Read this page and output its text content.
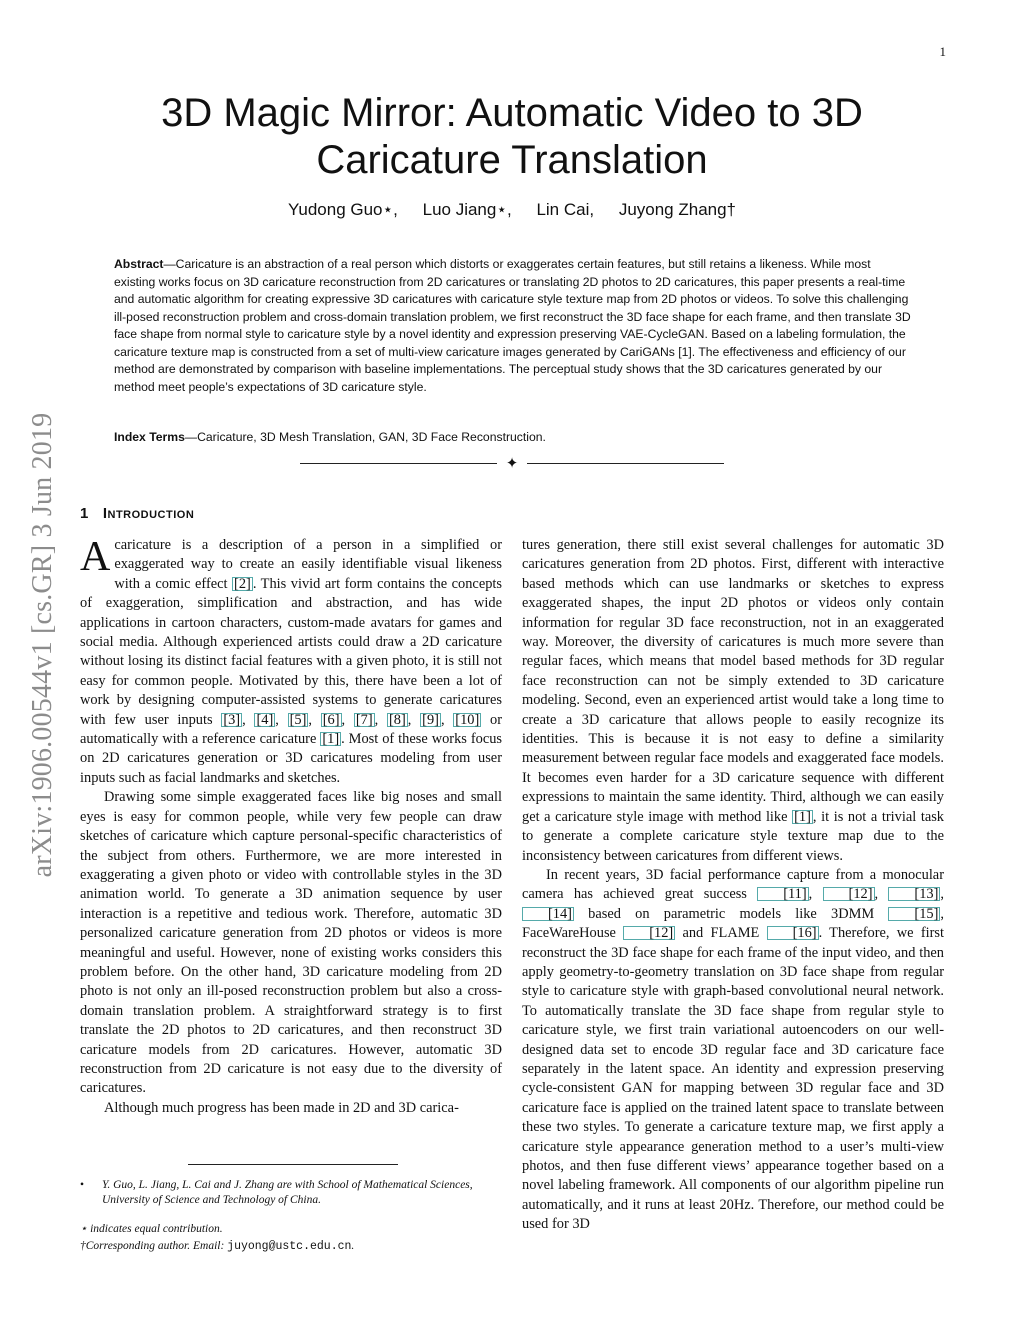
1
arXiv:1906.00544v1 [cs.GR] 3 Jun 2019
3D Magic Mirror: Automatic Video to 3D Caricature Translation
Yudong Guo⋆, Luo Jiang⋆, Lin Cai, Juyong Zhang†
Abstract—Caricature is an abstraction of a real person which distorts or exaggerates certain features, but still retains a likeness. While most existing works focus on 3D caricature reconstruction from 2D caricatures or translating 2D photos to 2D caricatures, this paper presents a real-time and automatic algorithm for creating expressive 3D caricatures with caricature style texture map from 2D photos or videos. To solve this challenging ill-posed reconstruction problem and cross-domain translation problem, we first reconstruct the 3D face shape for each frame, and then translate 3D face shape from normal style to caricature style by a novel identity and expression preserving VAE-CycleGAN. Based on a labeling formulation, the caricature texture map is constructed from a set of multi-view caricature images generated by CariGANs [1]. The effectiveness and efficiency of our method are demonstrated by comparison with baseline implementations. The perceptual study shows that the 3D caricatures generated by our method meet people’s expectations of 3D caricature style.
Index Terms—Caricature, 3D Mesh Translation, GAN, 3D Face Reconstruction.
✦
1 Introduction

Acaricature is a description of a person in a simplified or exaggerated way to create an easily identifiable visual likeness with a comic effect [2] . This vivid art form contains the concepts of exaggeration, simplification and abstraction, and has wide applications in cartoon characters, custom-made avatars for games and social media. Although experienced artists could draw a 2D caricature without losing its distinct facial features with a given photo, it is still not easy for common people. Motivated by this, there have been a lot of work by designing computer-assisted systems to generate caricatures with few user inputs [3] , [4] , [5] , [6] , [7] , [8] , [9] , [10] or automatically with a reference caricature [1] . Most of these works focus on 2D caricatures generation or 3D caricatures modeling from user inputs such as facial landmarks and sketches.

Drawing some simple exaggerated faces like big noses and small eyes is easy for common people, while very few people can draw sketches of caricature which capture personal-specific characteristics of the subject from others. Furthermore, we are more interested in exaggerating a given photo or video with controllable styles in the 3D animation world. To generate a 3D animation sequence by user interaction is a repetitive and tedious work. Therefore, automatic 3D personalized caricature generation from 2D photos or videos is more meaningful and useful. However, none of existing works considers this problem before. On the other hand, 3D caricature modeling from 2D photo is not only an ill-posed reconstruction problem but also a cross-domain translation problem. A straightforward strategy is to first translate the 2D photos to 2D caricatures, and then reconstruct 3D caricature models from 2D caricatures. However, automatic 3D reconstruction from 2D caricature is not easy due to the diversity of caricatures.

Although much progress has been made in 2D and 3D carica-

tures generation, there still exist several challenges for automatic 3D caricatures generation from 2D photos. First, different with interactive based methods which can use landmarks or sketches to express exaggerated shapes, the input 2D photos or videos only contain information for regular 3D face reconstruction, not in an exaggerated way. Moreover, the diversity of caricatures is much more severe than regular faces, which means that model based methods for 3D regular face reconstruction can not be simply extended to 3D caricature modeling. Second, even an experienced artist would take a long time to create a 3D caricature that allows people to easily recognize its identities. This is because it is not easy to define a similarity measurement between regular face models and exaggerated face models. It becomes even harder for a 3D caricature sequence with different expressions to maintain the same identity. Third, although we can easily get a caricature style image with method like [1] , it is not a trivial task to generate a complete caricature style texture map due to the inconsistency between caricatures from different views.

In recent years, 3D facial performance capture from a monocular camera has achieved great success [11] , [12] , [13] , [14] based on parametric models like 3DMM [15] , FaceWareHouse [12] and FLAME [16] . Therefore, we first reconstruct the 3D face shape for each frame of the input video, and then apply geometry-to-geometry translation on 3D face shape from regular style to caricature style with graph-based convolutional neural network. To automatically translate the 3D face shape from regular style to caricature style, we first train variational autoencoders on our well-designed data set to encode 3D regular face and 3D caricature face separately in the latent space. An identity and expression preserving cycle-consistent GAN for mapping between 3D regular face and 3D caricature face is applied on the trained latent space to translate between these two styles. To generate a caricature texture map, we first apply a caricature style appearance generation method to a user’s multi-view photos, and then fuse different views’ appearance together based on a novel labeling framework. All components of our algorithm pipeline run automatically, and it runs at least 20Hz. Therefore, our method could be used for 3D

• Y. Guo, L. Jiang, L. Cai and J. Zhang are with School of Mathematical Sciences, University of Science and Technology of China.
⋆ indicates equal contribution.
†Corresponding author. Email: juyong@ustc.edu.cn.
